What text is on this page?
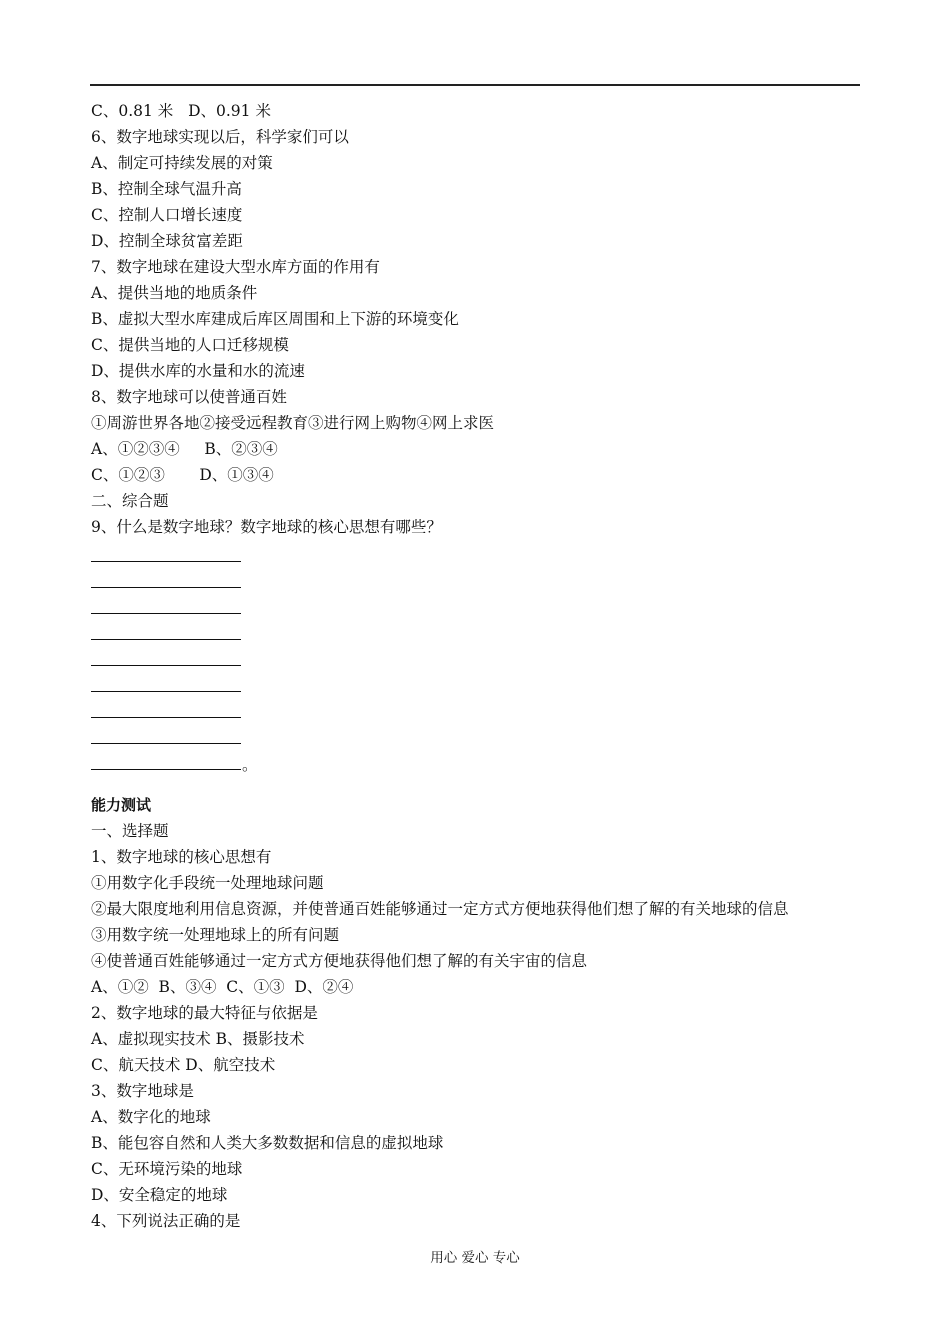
C、0.81 米   D、0.91 米
6、数字地球实现以后，科学家们可以
A、制定可持续发展的对策
B、控制全球气温升高
C、控制人口增长速度
D、控制全球贫富差距
7、数字地球在建设大型水库方面的作用有
A、提供当地的地质条件
B、虚拟大型水库建成后库区周围和上下游的环境变化
C、提供当地的人口迁移规模
D、提供水库的水量和水的流速
8、数字地球可以使普通百姓
①周游世界各地②接受远程教育③进行网上购物④网上求医
A、①②③④     B、②③④
C、①②③       D、①③④
二、综合题
9、什么是数字地球？数字地球的核心思想有哪些？
。
能力测试
一、选择题
1、数字地球的核心思想有
①用数字化手段统一处理地球问题
②最大限度地利用信息资源，并使普通百姓能够通过一定方式方便地获得他们想了解的有关地球的信息
③用数字统一处理地球上的所有问题
④使普通百姓能够通过一定方式方便地获得他们想了解的有关宇宙的信息
A、①②  B、③④  C、①③  D、②④
2、数字地球的最大特征与依据是
A、虚拟现实技术 B、摄影技术
C、航天技术 D、航空技术
3、数字地球是
A、数字化的地球
B、能包容自然和人类大多数数据和信息的虚拟地球
C、无环境污染的地球
D、安全稳定的地球
4、下列说法正确的是
用心 爱心 专心
